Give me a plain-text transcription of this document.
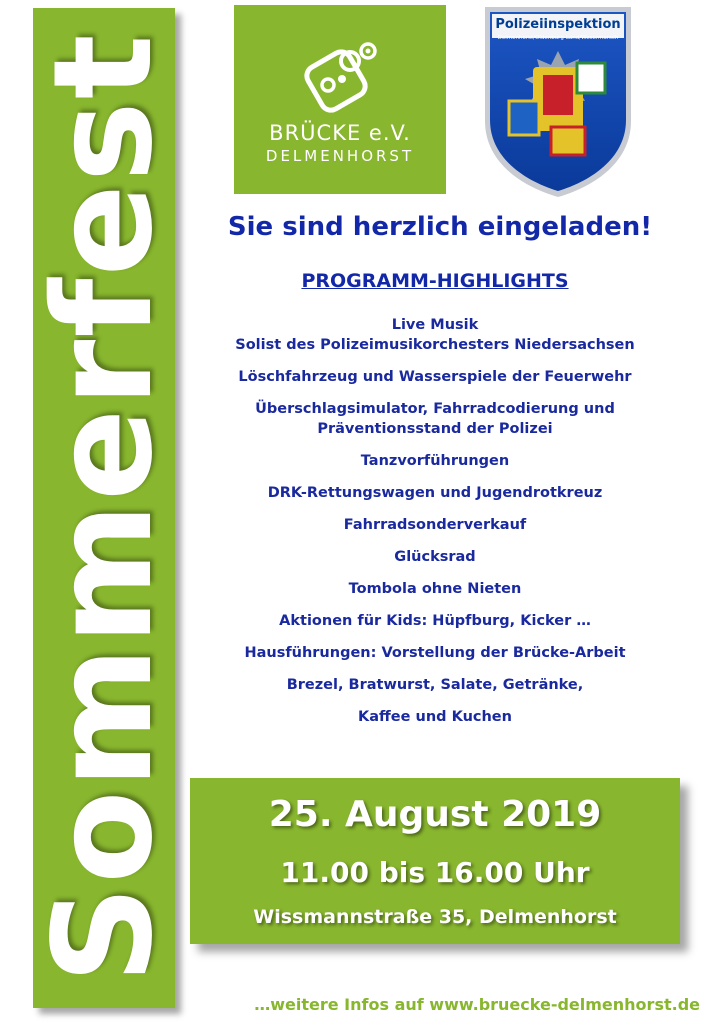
Sommerfest	BRÜCKE e.V.
DELMENHORST
Polizeiinspektion
Delmenhorst/Oldenburg-Land/Wesermarsch
Sie sind herzlich eingeladen!
PROGRAMM-HIGHLIGHTS
Live Musik
Solist des Polizeimusikorchesters Niedersachsen
Löschfahrzeug und Wasserspiele der Feuerwehr
Überschlagsimulator, Fahrradcodierung und
Präventionsstand der Polizei
Tanzvorführungen
DRK-Rettungswagen und Jugendrotkreuz
Fahrradsonderverkauf
Glücksrad
Tombola ohne Nieten
Aktionen für Kids: Hüpfburg, Kicker …
Hausführungen: Vorstellung der Brücke-Arbeit
Brezel, Bratwurst, Salate, Getränke,
Kaffee und Kuchen
25. August 2019
11.00 bis 16.00 Uhr
Wissmannstraße 35, Delmenhorst
…weitere Infos auf www.bruecke-delmenhorst.de
